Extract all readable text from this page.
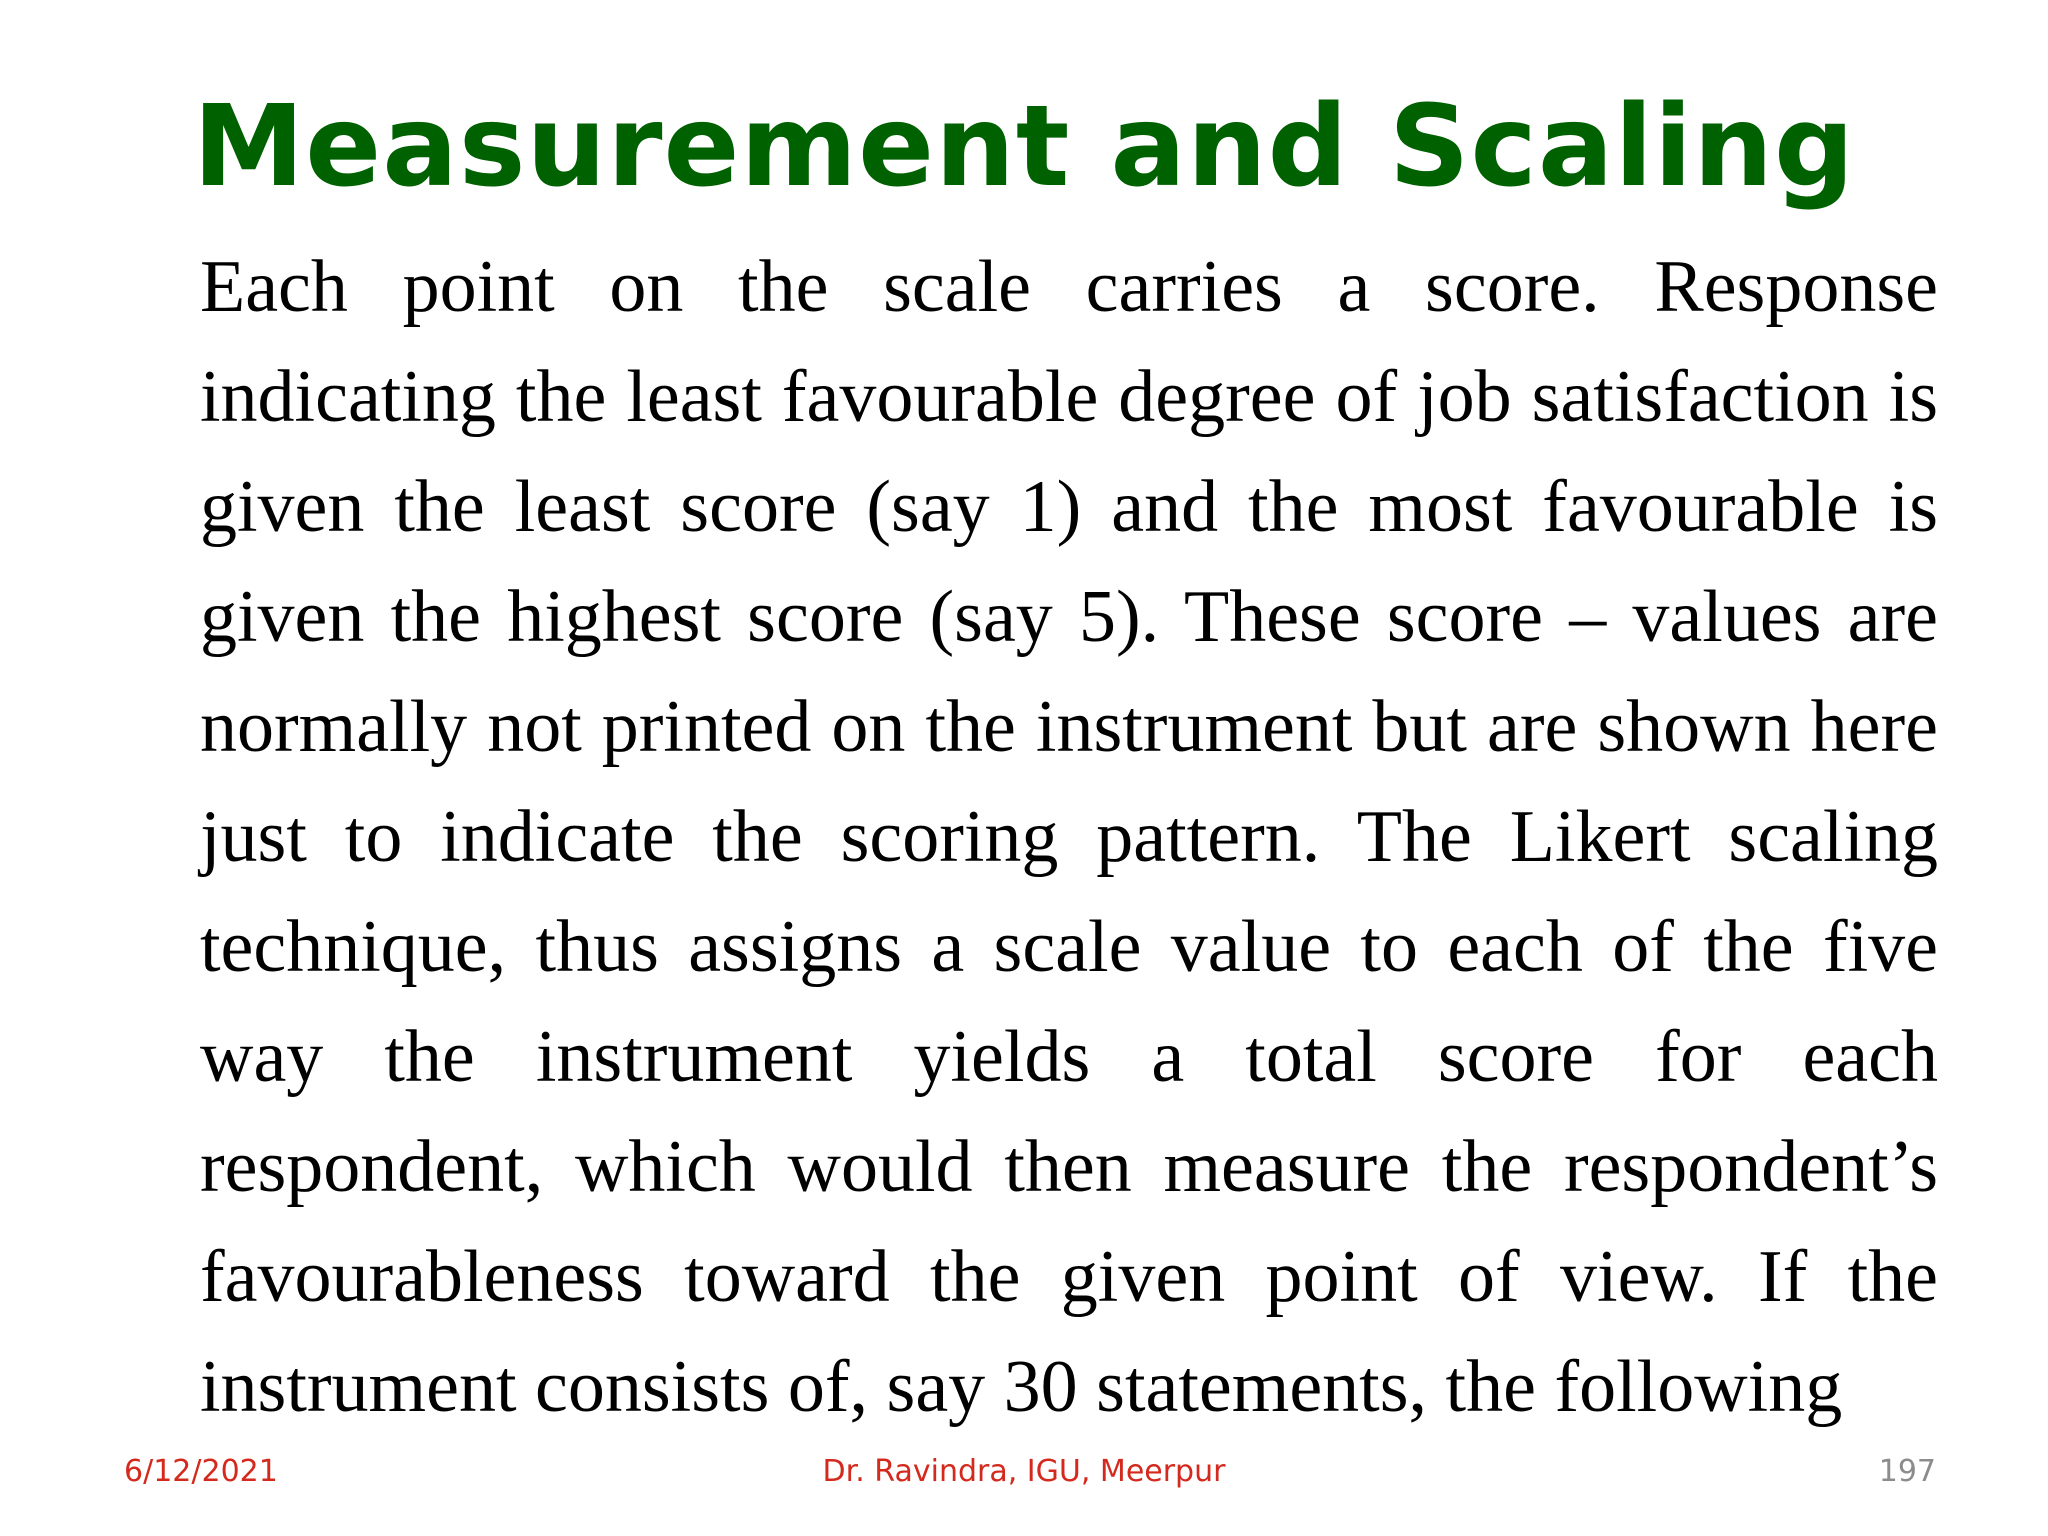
Measurement and Scaling

Each point on the scale carries a score. Response indicating the least favourable degree of job satisfaction is given the least score (say 1) and the most favourable is given the highest score (say 5). These score – values are normally not printed on the instrument but are shown here just to indicate the scoring pattern. The Likert scaling technique, thus assigns a scale value to each of the five way the instrument yields a total score for each respondent, which would then measure the respondent’s favourableness toward the given point of view. If the instrument consists of, say 30 statements, the following

6/12/2021	Dr. Ravindra, IGU, Meerpur	197
